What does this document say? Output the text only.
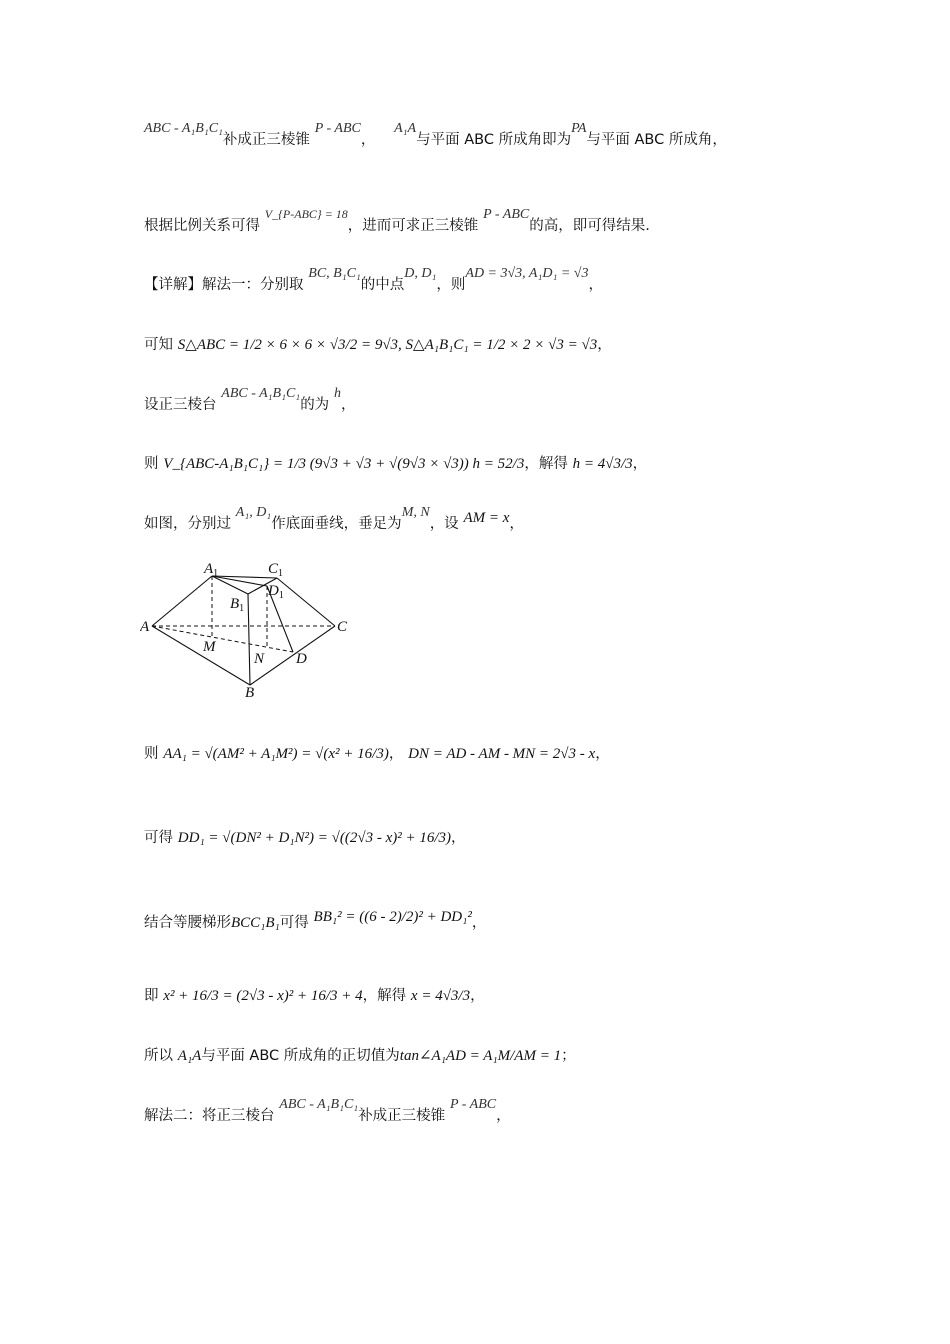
ABC - A₁B₁C₁补成正三棱锥 P - ABC， A₁A与平面 ABC 所成角即为PA与平面 ABC 所成角，
根据比例关系可得 $^{V\_\{P-ABC\} = 18}$，进而可求正三棱锥 P - ABC的高，即可得结果.
【详解】解法一：分别取 BC, B₁C₁的中点D, D₁，则AD = 3√3, A₁D₁ = √3，
可知 S△ABC = 1/2 × 6 × 6 × √3/2 = 9√3, S△A₁B₁C₁ = 1/2 × 2 × √3 = √3，
设正三棱台 ABC - A₁B₁C₁的为 h，
则 V_{ABC-A₁B₁C₁} = 1/3 (9√3 + √3 + √(9√3 × √3)) h = 52/3，解得 h = 4√3/3，
如图，分别过 A₁, D₁作底面垂线，垂足为M, N，设 AM = x，
A	C
B
D
M
N
$A_1$	$C_1$
$B_1$
$D_1$
则 AA₁ = √(AM² + A₁M²) = √(x² + 16/3)， DN = AD - AM - MN = 2√3 - x，
可得 DD₁ = √(DN² + D₁N²) = √((2√3 - x)² + 16/3)，
结合等腰梯形BCC₁B₁可得 BB₁² = ((6 - 2)/2)² + DD₁²，
即 x² + 16/3 = (2√3 - x)² + 16/3 + 4，解得 x = 4√3/3，
所以 A₁A与平面 ABC 所成角的正切值为tan∠A₁AD = A₁M/AM = 1；
解法二：将正三棱台 ABC - A₁B₁C₁补成正三棱锥 P - ABC，
